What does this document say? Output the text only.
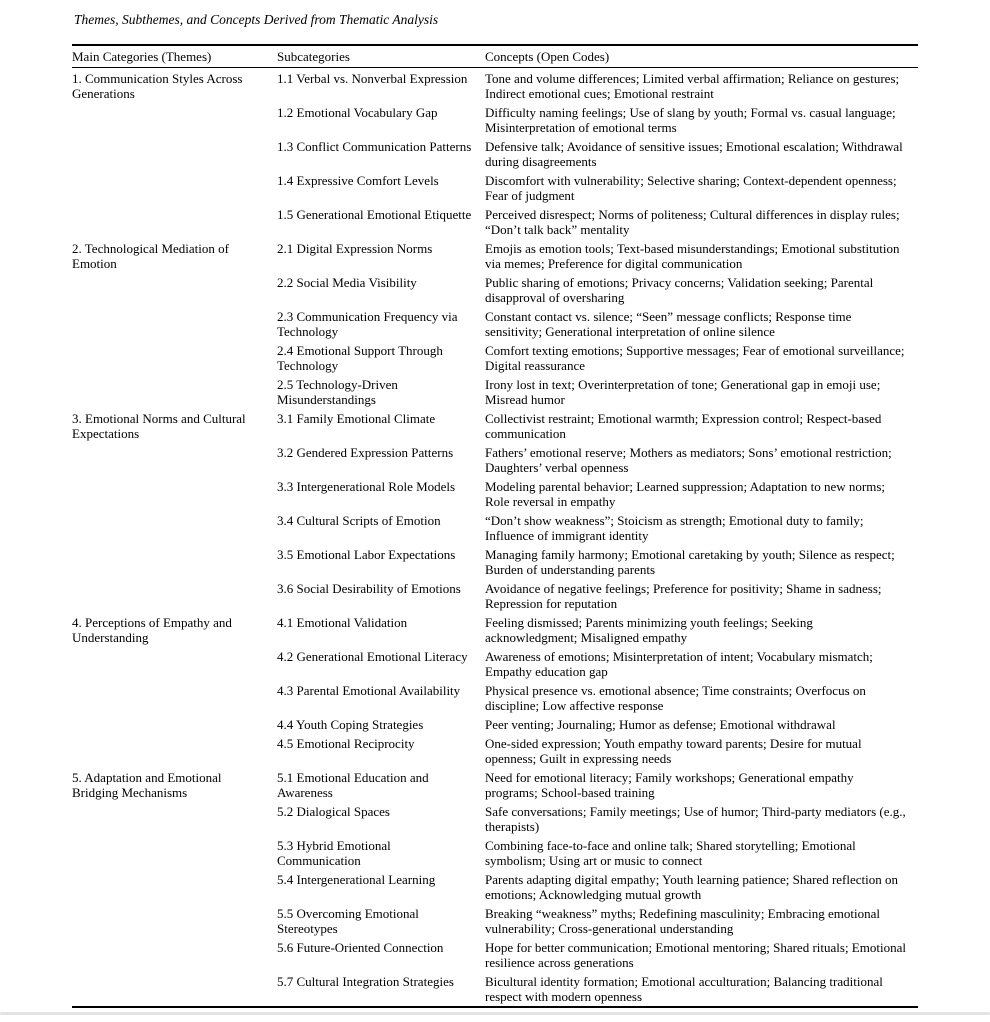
Themes, Subthemes, and Concepts Derived from Thematic Analysis

Main Categories (Themes)	Subcategories	Concepts (Open Codes)
1. Communication Styles Across Generations	1.1 Verbal vs. Nonverbal Expression	Tone and volume differences; Limited verbal affirmation; Reliance on gestures; Indirect emotional cues; Emotional restraint
	1.2 Emotional Vocabulary Gap	Difficulty naming feelings; Use of slang by youth; Formal vs. casual language; Misinterpretation of emotional terms
	1.3 Conflict Communication Patterns	Defensive talk; Avoidance of sensitive issues; Emotional escalation; Withdrawal during disagreements
	1.4 Expressive Comfort Levels	Discomfort with vulnerability; Selective sharing; Context-dependent openness; Fear of judgment
	1.5 Generational Emotional Etiquette	Perceived disrespect; Norms of politeness; Cultural differences in display rules; “Don’t talk back” mentality
2. Technological Mediation of Emotion	2.1 Digital Expression Norms	Emojis as emotion tools; Text-based misunderstandings; Emotional substitution via memes; Preference for digital communication
	2.2 Social Media Visibility	Public sharing of emotions; Privacy concerns; Validation seeking; Parental disapproval of oversharing
	2.3 Communication Frequency via Technology	Constant contact vs. silence; “Seen” message conflicts; Response time sensitivity; Generational interpretation of online silence
	2.4 Emotional Support Through Technology	Comfort texting emotions; Supportive messages; Fear of emotional surveillance; Digital reassurance
	2.5 Technology-Driven Misunderstandings	Irony lost in text; Overinterpretation of tone; Generational gap in emoji use; Misread humor
3. Emotional Norms and Cultural Expectations	3.1 Family Emotional Climate	Collectivist restraint; Emotional warmth; Expression control; Respect-based communication
	3.2 Gendered Expression Patterns	Fathers’ emotional reserve; Mothers as mediators; Sons’ emotional restriction; Daughters’ verbal openness
	3.3 Intergenerational Role Models	Modeling parental behavior; Learned suppression; Adaptation to new norms; Role reversal in empathy
	3.4 Cultural Scripts of Emotion	“Don’t show weakness”; Stoicism as strength; Emotional duty to family; Influence of immigrant identity
	3.5 Emotional Labor Expectations	Managing family harmony; Emotional caretaking by youth; Silence as respect; Burden of understanding parents
	3.6 Social Desirability of Emotions	Avoidance of negative feelings; Preference for positivity; Shame in sadness; Repression for reputation
4. Perceptions of Empathy and Understanding	4.1 Emotional Validation	Feeling dismissed; Parents minimizing youth feelings; Seeking acknowledgment; Misaligned empathy
	4.2 Generational Emotional Literacy	Awareness of emotions; Misinterpretation of intent; Vocabulary mismatch; Empathy education gap
	4.3 Parental Emotional Availability	Physical presence vs. emotional absence; Time constraints; Overfocus on discipline; Low affective response
	4.4 Youth Coping Strategies	Peer venting; Journaling; Humor as defense; Emotional withdrawal
	4.5 Emotional Reciprocity	One-sided expression; Youth empathy toward parents; Desire for mutual openness; Guilt in expressing needs
5. Adaptation and Emotional Bridging Mechanisms	5.1 Emotional Education and Awareness	Need for emotional literacy; Family workshops; Generational empathy programs; School-based training
	5.2 Dialogical Spaces	Safe conversations; Family meetings; Use of humor; Third-party mediators (e.g., therapists)
	5.3 Hybrid Emotional Communication	Combining face-to-face and online talk; Shared storytelling; Emotional symbolism; Using art or music to connect
	5.4 Intergenerational Learning	Parents adapting digital empathy; Youth learning patience; Shared reflection on emotions; Acknowledging mutual growth
	5.5 Overcoming Emotional Stereotypes	Breaking “weakness” myths; Redefining masculinity; Embracing emotional vulnerability; Cross-generational understanding
	5.6 Future-Oriented Connection	Hope for better communication; Emotional mentoring; Shared rituals; Emotional resilience across generations
	5.7 Cultural Integration Strategies	Bicultural identity formation; Emotional acculturation; Balancing traditional respect with modern openness
